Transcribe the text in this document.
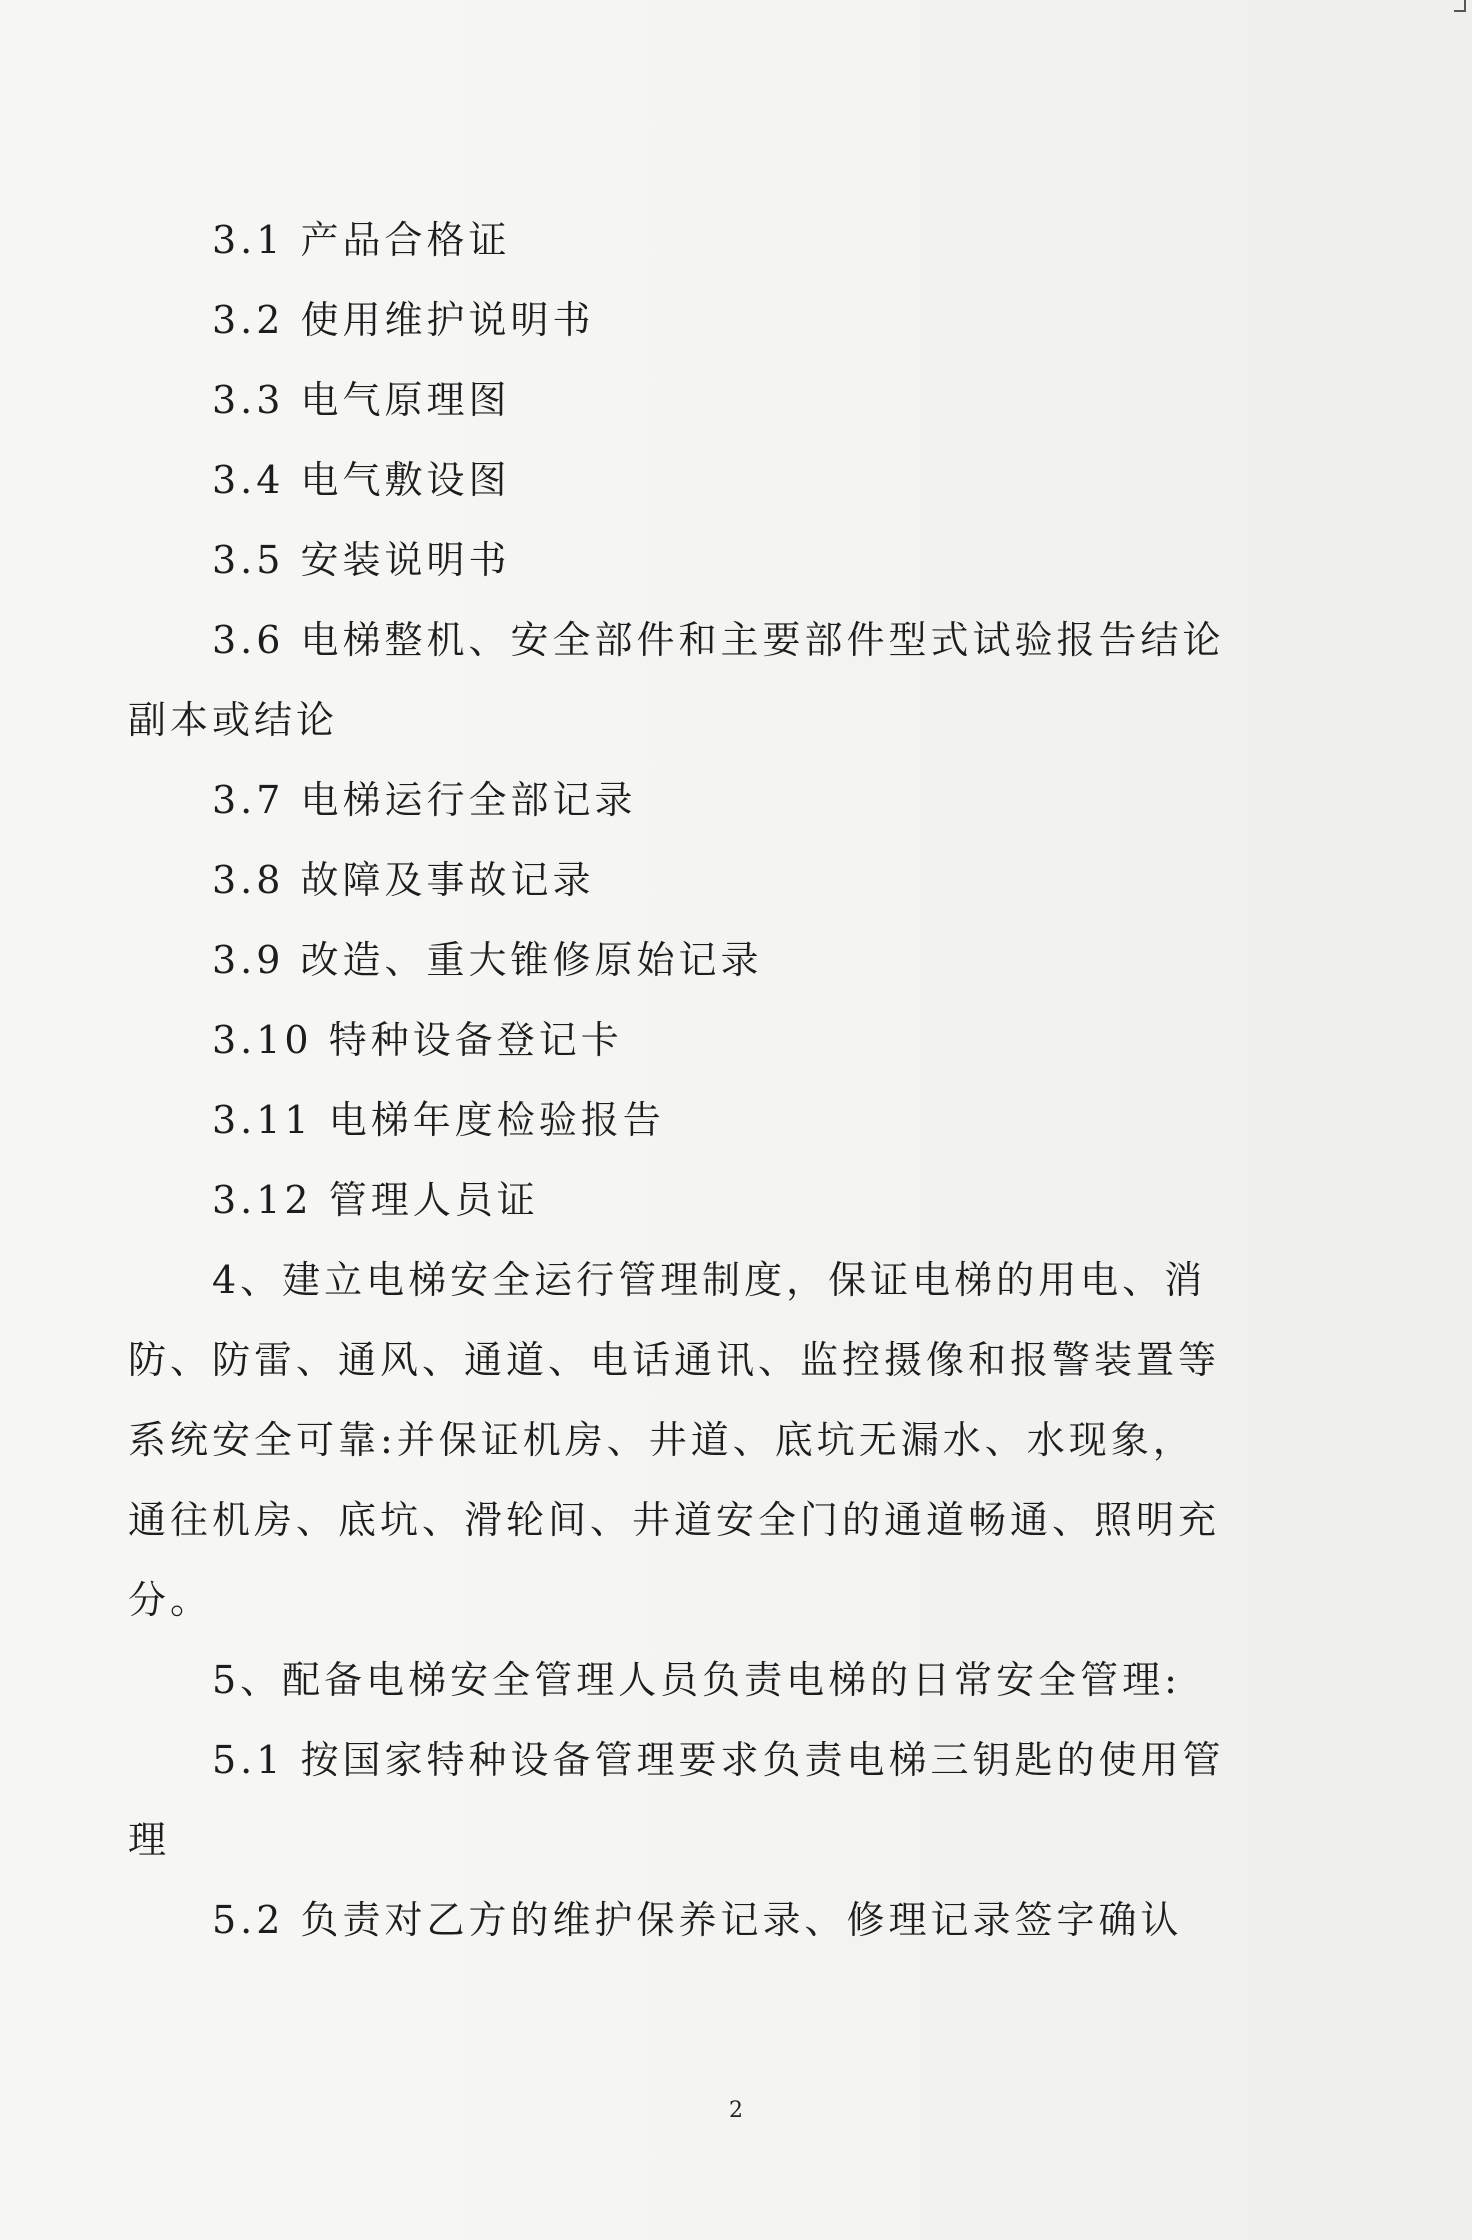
3.1 产品合格证
3.2 使用维护说明书
3.3 电气原理图
3.4 电气敷设图
3.5 安装说明书
3.6 电梯整机、安全部件和主要部件型式试验报告结论
副本或结论
3.7 电梯运行全部记录
3.8 故障及事故记录
3.9 改造、重大锥修原始记录
3.10 特种设备登记卡
3.11 电梯年度检验报告
3.12 管理人员证
4、建立电梯安全运行管理制度，保证电梯的用电、消
防、防雷、通风、通道、电话通讯、监控摄像和报警装置等
系统安全可靠:并保证机房、井道、底坑无漏水、水现象，
通往机房、底坑、滑轮间、井道安全门的通道畅通、照明充
分。
5、配备电梯安全管理人员负责电梯的日常安全管理:
5.1 按国家特种设备管理要求负责电梯三钥匙的使用管
理
5.2 负责对乙方的维护保养记录、修理记录签字确认
2
